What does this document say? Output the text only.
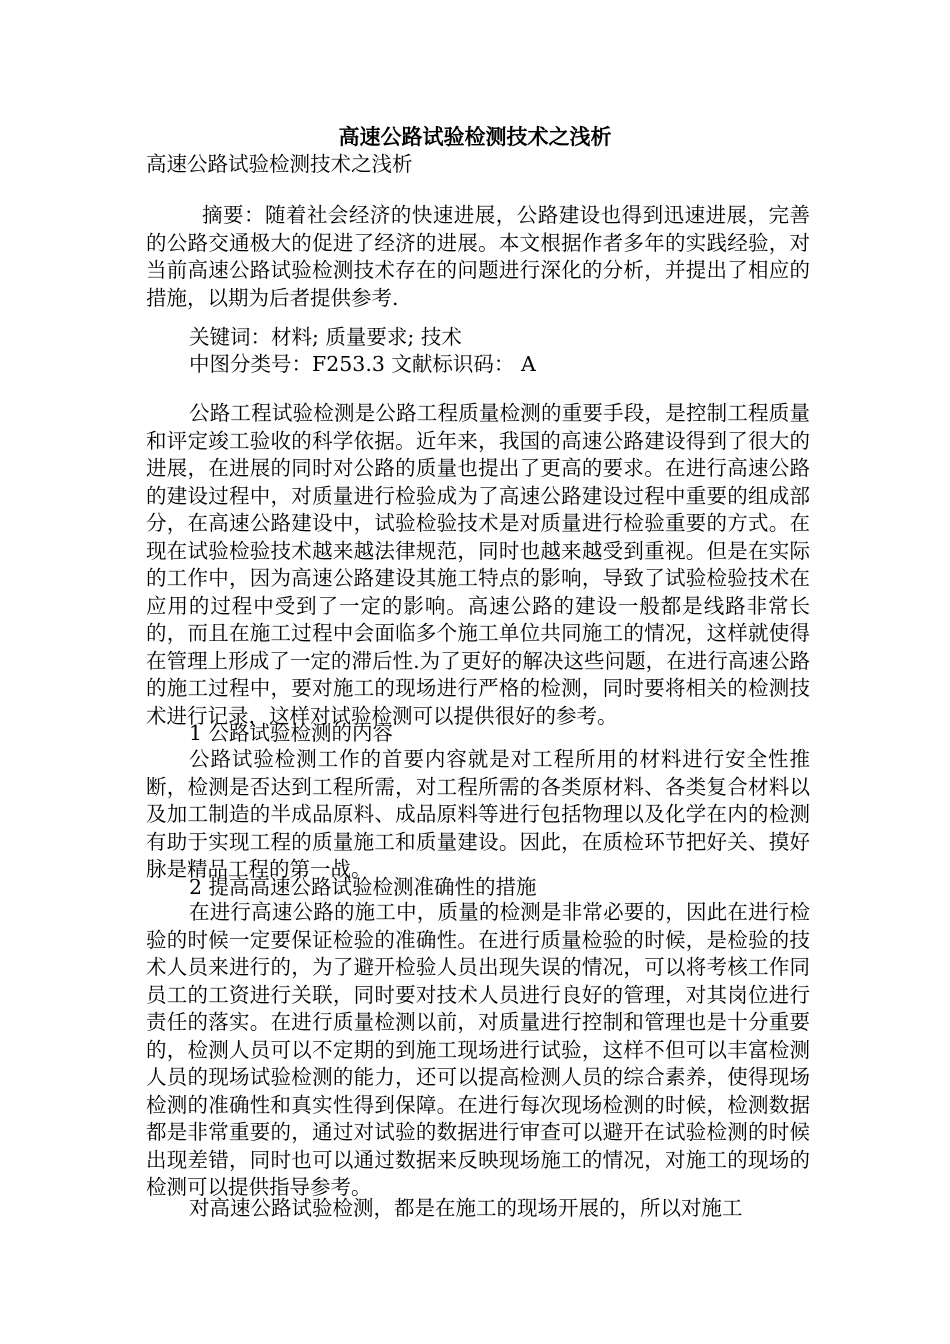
高速公路试验检测技术之浅析
高速公路试验检测技术之浅析
摘要：随着社会经济的快速进展，公路建设也得到迅速进展，完善的公路交通极大的促进了经济的进展。本文根据作者多年的实践经验，对当前高速公路试验检测技术存在的问题进行深化的分析，并提出了相应的措施，以期为后者提供参考.
关键词：材料; 质量要求; 技术
中图分类号：F253.3 文献标识码： A
公路工程试验检测是公路工程质量检测的重要手段，是控制工程质量和评定竣工验收的科学依据。近年来，我国的高速公路建设得到了很大的进展，在进展的同时对公路的质量也提出了更高的要求。在进行高速公路的建设过程中，对质量进行检验成为了高速公路建设过程中重要的组成部分，在高速公路建设中，试验检验技术是对质量进行检验重要的方式。在现在试验检验技术越来越法律规范，同时也越来越受到重视。但是在实际的工作中，因为高速公路建设其施工特点的影响，导致了试验检验技术在应用的过程中受到了一定的影响。高速公路的建设一般都是线路非常长的，而且在施工过程中会面临多个施工单位共同施工的情况，这样就使得在管理上形成了一定的滞后性.为了更好的解决这些问题，在进行高速公路的施工过程中，要对施工的现场进行严格的检测，同时要将相关的检测技术进行记录，这样对试验检测可以提供很好的参考。
1 公路试验检测的内容
公路试验检测工作的首要内容就是对工程所用的材料进行安全性推断，检测是否达到工程所需，对工程所需的各类原材料、各类复合材料以及加工制造的半成品原料、成品原料等进行包括物理以及化学在内的检测有助于实现工程的质量施工和质量建设。因此，在质检环节把好关、摸好脉是精品工程的第一战。
2 提高高速公路试验检测准确性的措施
在进行高速公路的施工中，质量的检测是非常必要的，因此在进行检验的时候一定要保证检验的准确性。在进行质量检验的时候，是检验的技术人员来进行的，为了避开检验人员出现失误的情况，可以将考核工作同员工的工资进行关联，同时要对技术人员进行良好的管理，对其岗位进行责任的落实。在进行质量检测以前，对质量进行控制和管理也是十分重要的，检测人员可以不定期的到施工现场进行试验，这样不但可以丰富检测人员的现场试验检测的能力，还可以提高检测人员的综合素养，使得现场检测的准确性和真实性得到保障。在进行每次现场检测的时候，检测数据都是非常重要的，通过对试验的数据进行审查可以避开在试验检测的时候出现差错，同时也可以通过数据来反映现场施工的情况，对施工的现场的检测可以提供指导参考。
对高速公路试验检测，都是在施工的现场开展的，所以对施工
